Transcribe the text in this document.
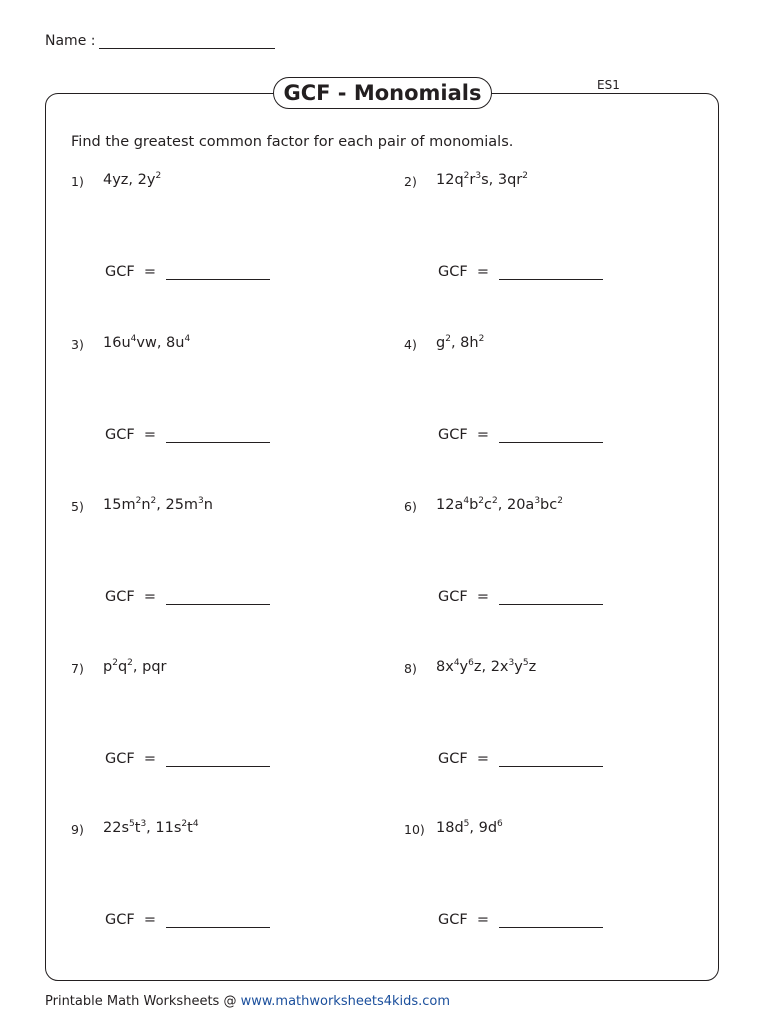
Name :
GCF - Monomials	ES1
Find the greatest common factor for each pair of monomials.
1) 4yz, $2y^2$
GCF  =
2) $12q^2r^3s$, $3qr^2$
GCF  =
3) $16u^4vw$, $8u^4$
GCF  =
4) $g^2$, $8h^2$
GCF  =
5) $15m^2n^2$, $25m^3n$
GCF  =
6) $12a^4b^2c^2$, $20a^3bc^2$
GCF  =
7) $p^2q^2$, pqr
GCF  =
8) $8x^4y^6z$, $2x^3y^5z$
GCF  =
9) $22s^5t^3$, $11s^2t^4$
GCF  =
10) $18d^5$, $9d^6$
GCF  =
Printable Math Worksheets @ www.mathworksheets4kids.com
